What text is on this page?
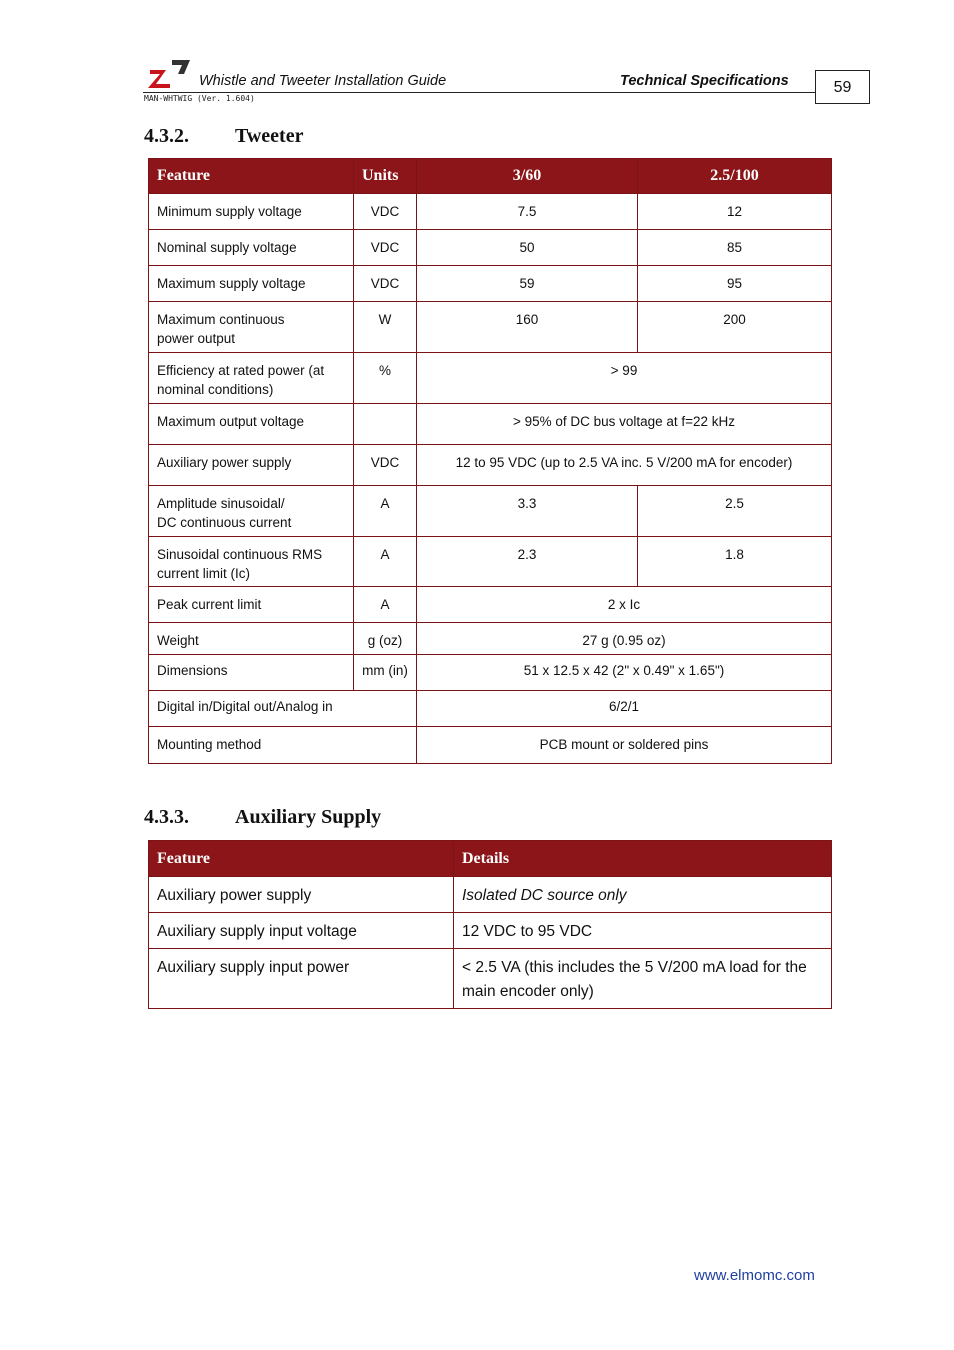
Whistle and Tweeter Installation Guide	Technical Specifications
MAN-WHTWIG (Ver. 1.604)
59
4.3.2. Tweeter
Feature	Units	3/60	2.5/100
Minimum supply voltage	VDC	7.5	12
Nominal supply voltage	VDC	50	85
Maximum supply voltage	VDC	59	95
Maximum continuous
power output	W	160	200
Efficiency at rated power (at
nominal conditions)	%	> 99	
Maximum output voltage		> 95% of DC bus voltage at f=22 kHz	
Auxiliary power supply	VDC	12 to 95 VDC (up to 2.5 VA inc. 5 V/200 mA for encoder)	
Amplitude sinusoidal/
DC continuous current	A	3.3	2.5
Sinusoidal continuous RMS
current limit (Ic)	A	2.3	1.8
Peak current limit	A	2 x Ic	
Weight	g (oz)	27 g (0.95 oz)	
Dimensions	mm (in)	51 x 12.5 x 42 (2" x 0.49" x 1.65")	
Digital in/Digital out/Analog in		6/2/1	
Mounting method		PCB mount or soldered pins	
4.3.3. Auxiliary Supply
Feature	Details
Auxiliary power supply	Isolated DC source only
Auxiliary supply input voltage	12 VDC to 95 VDC
Auxiliary supply input power	< 2.5 VA (this includes the 5 V/200 mA load for the main encoder only)
www.elmomc.com
